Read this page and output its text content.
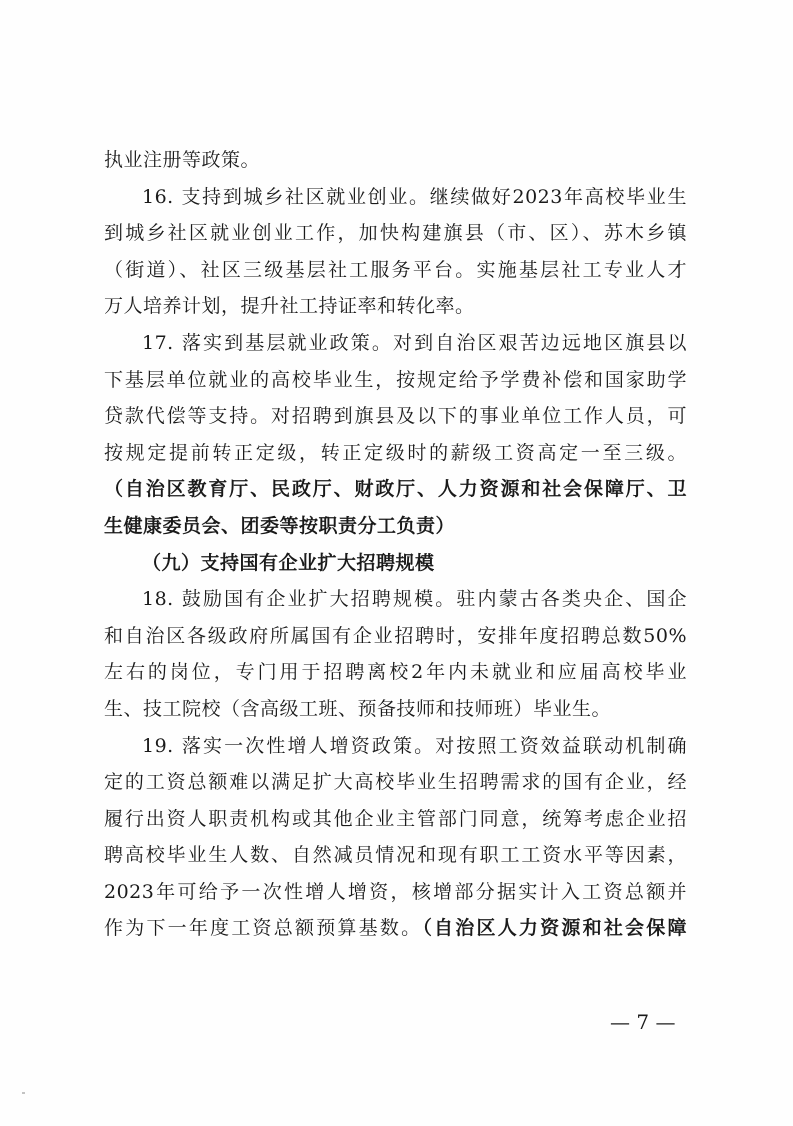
执业注册等政策。
16. 支持到城乡社区就业创业。继续做好2023年高校毕业生
到城乡社区就业创业工作，加快构建旗县（市、区）、苏木乡镇
（街道）、社区三级基层社工服务平台。实施基层社工专业人才
万人培养计划，提升社工持证率和转化率。
17. 落实到基层就业政策。对到自治区艰苦边远地区旗县以
下基层单位就业的高校毕业生，按规定给予学费补偿和国家助学
贷款代偿等支持。对招聘到旗县及以下的事业单位工作人员，可
按规定提前转正定级，转正定级时的薪级工资高定一至三级。
（自治区教育厅、民政厅、财政厅、人力资源和社会保障厅、卫
生健康委员会、团委等按职责分工负责）
（九）支持国有企业扩大招聘规模
18. 鼓励国有企业扩大招聘规模。驻内蒙古各类央企、国企
和自治区各级政府所属国有企业招聘时，安排年度招聘总数50%
左右的岗位，专门用于招聘离校2年内未就业和应届高校毕业
生、技工院校（含高级工班、预备技师和技师班）毕业生。
19. 落实一次性增人增资政策。对按照工资效益联动机制确
定的工资总额难以满足扩大高校毕业生招聘需求的国有企业，经
履行出资人职责机构或其他企业主管部门同意，统筹考虑企业招
聘高校毕业生人数、自然减员情况和现有职工工资水平等因素，
2023年可给予一次性增人增资，核增部分据实计入工资总额并
作为下一年度工资总额预算基数。（自治区人力资源和社会保障
— 7 —
